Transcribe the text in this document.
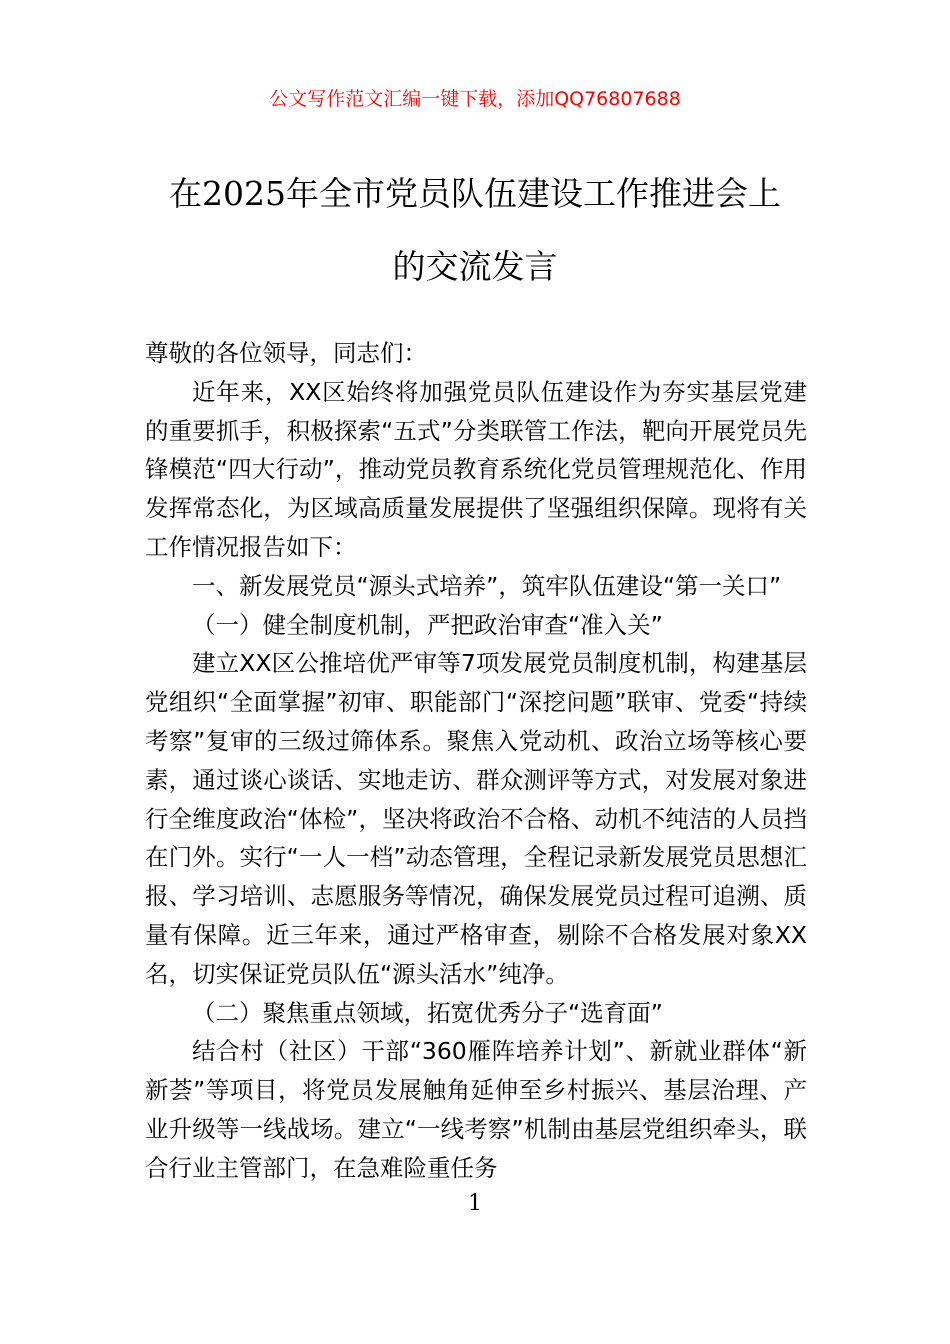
公文写作范文汇编一键下载，添加QQ76807688
在2025年全市党员队伍建设工作推进会上
的交流发言

尊敬的各位领导，同志们：

近年来，XX区始终将加强党员队伍建设作为夯实基层党建的重要抓手，积极探索“五式”分类联管工作法，靶向开展党员先锋模范“四大行动”，推动党员教育系统化党员管理规范化、作用发挥常态化，为区域高质量发展提供了坚强组织保障。现将有关工作情况报告如下：

一、新发展党员“源头式培养”，筑牢队伍建设“第一关口”

（一）健全制度机制，严把政治审查“准入关”

建立XX区公推培优严审等7项发展党员制度机制，构建基层党组织“全面掌握”初审、职能部门“深挖问题”联审、党委“持续考察”复审的三级过筛体系。聚焦入党动机、政治立场等核心要素，通过谈心谈话、实地走访、群众测评等方式，对发展对象进行全维度政治“体检”，坚决将政治不合格、动机不纯洁的人员挡在门外。实行“一人一档”动态管理，全程记录新发展党员思想汇报、学习培训、志愿服务等情况，确保发展党员过程可追溯、质量有保障。近三年来，通过严格审查，剔除不合格发展对象XX名，切实保证党员队伍“源头活水”纯净。

（二）聚焦重点领域，拓宽优秀分子“选育面”

结合村（社区）干部“360雁阵培养计划”、新就业群体“新新荟”等项目，将党员发展触角延伸至乡村振兴、基层治理、产业升级等一线战场。建立“一线考察”机制由基层党组织牵头，联合行业主管部门，在急难险重任务

1
